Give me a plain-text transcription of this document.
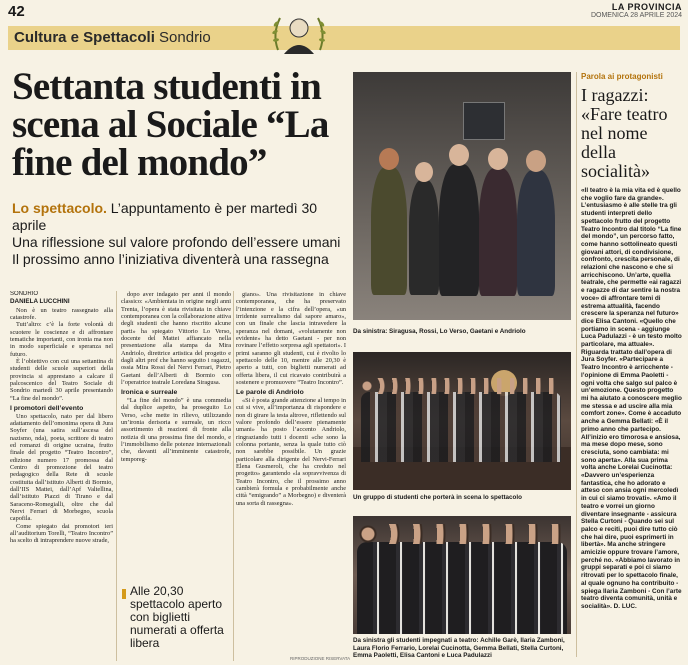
42	LA PROVINCIA
DOMENICA 28 APRILE 2024
Cultura e Spettacoli Sondrio
Settanta studenti in scena al Sociale “La fine del mondo”
Lo spettacolo. L’appuntamento è per martedì 30 aprile
Una riflessione sul valore profondo dell’essere umani
Il prossimo anno l’iniziativa diventerà una rassegna

SONDRIO
DANIELA LUCCHINI

Non è un teatro rassegnato alla catastrofe.

Tutt’altro: c’è la forte volontà di scuotere le coscienze e di affrontare tematiche importanti, con ironia ma non in modo superficiale e speranza nel futuro.

È l’obiettivo con cui una settantina di studenti delle scuole superiori della provincia si apprestano a calcare il palcoscenico del Teatro Sociale di Sondrio martedì 30 aprile presentando “La fine del mondo”.

I promotori dell’evento

Uno spettacolo, nato per dal libero adattamento dell’omonima opera di Jura Soyfer (una satira sull’ascesa del nazismo, nda), poeta, scrittore di teatro ed romanzi di origine ucraina, frutto finale del progetto “Teatro Incontro”, edizione numero 17 promossa dal Centro di promozione del teatro pedagogico della Rete di scuole costituita dall’istituto Alberti di Bormio, dall’IIS Mattei, dall’Apf Valtellina, dall’istituto Piazzi di Tirano e dal Saraceno-Romegialli, oltre che dal Nervi Ferrari di Morbegno, scuola capofila.

Come spiegato dai promotori ieri all’auditorium Torelli, “Teatro Incontro” ha scelto di intraprendere nuove strade,

dopo aver indagato per anni il mondo classico: «Ambientata in origine negli anni Trenta, l’opera è stata rivisitata in chiave contemporanea con la collaborazione attiva degli studenti che hanno riscritto alcune parti» ha spiegato Vittorio Lo Verso, docente del Mattei affiancato nella presentazione alla stampa da Mira Andriolo, direttrice artistica del progetto e dagli altri prof che hanno seguito i ragazzi, ossia Mira Rossi del Nervi Ferrari, Pietro Gaetani dell’Alberti di Bormio con l’operatrice teatrale Loredana Siragusa.

Ironica e surreale

“La fine del mondo” è una commedia dal duplice aspetto, ha proseguito Lo Verso, «che mette in rilievo, utilizzando un’ironia derisoria e surreale, un ricco assortimento di reazioni di fronte alla notizia di una prossima fine del mondo, e l’immobilismo delle potenze internazionali che, davanti all’imminente catastrofe, temporeg-

Alle 20,30 spettacolo aperto con biglietti numerati a offerta libera

giano». Una rivisitazione in chiave contemporanea, che ha preservato l’intenzione e la cifra dell’opera, «un irridente surrealismo dal sapore amaro», con un finale che lascia intravedere la speranza nel domani, «volutamente non evidente» ha detto Gaetani - per non rovinare l’effetto sorpresa agli spettatori». I primi saranno gli studenti, cui è rivolto lo spettacolo delle 10, mentre alle 20,30 è aperto a tutti, con biglietti numerati ad offerta libera, il cui ricavato contribuirà a sostenere e promuovere “Teatro Incontro”.

Le parole di Andriolo

«Si è posta grande attenzione al tempo in cui si vive, all’importanza di rispondere e non di girare la testa altrove, riflettendo sul valore profondo dell’essere pienamente umani» ha posto l’accento Andriolo, ringraziando tutti i docenti «che sono la colonna portante, senza la quale tutto ciò non sarebbe possibile. Un grazie particolare alla dirigente del Nervi-Ferrari Elena Gusmeroli, che ha creduto nel progetto» garantendo «la sopravvivenza di Teatro Incontro, che il prossimo anno cambierà formula e probabilmente anche città “emigrando” a Morbegno) e diventerà una sorta di rassegna».

Da sinistra: Siragusa, Rossi, Lo Verso, Gaetani e Andriolo
Un gruppo di studenti che porterà in scena lo spettacolo
Da sinistra gli studenti impegnati a teatro: Achille Garè, Ilaria Zamboni, Laura Florio Ferrario, Lorelai Cucinotta, Gemma Bellati, Stella Curtoni, Emma Paoletti, Elisa Cantoni e Luca Padulazzi
Parola ai protagonisti
I ragazzi: «Fare teatro nel nome della socialità»
«Il teatro è la mia vita ed è quello che voglio fare da grande». L’entusiasmo è alle stelle tra gli studenti interpreti dello spettacolo frutto del progetto Teatro Incontro dal titolo “La fine del mondo”, un percorso fatto, come hanno sottolineato questi giovani attori, di condivisione, confronto, crescita personale, di relazioni che nascono e che si arricchiscono. Un’arte, quella teatrale, che permette «ai ragazzi e ragazze di dar sentire la nostra voce» di affrontare temi di estrema attualità, facendo crescere la speranza nel futuro» dice Elisa Cantoni. «Quello che portiamo in scena - aggiunge Luca Padulazzi - è un testo molto particolare, ma attuale». Riguarda trattato dall’opera di Jura Soyfer. «Partecipare a Teatro Incontro è arricchente - l’opinione di Emma Paoletti - ogni volta che salgo sul palco è un’emozione. Questo progetto mi ha aiutato a conoscere meglio me stessa e ad uscire alla mia comfort zone». Come è accaduto anche a Gemma Bellati: «È il primo anno che partecipo. All’inizio ero timorosa e ansiosa, ma mese dopo mese, sono cresciuta, sono cambiata: mi sono aperta». Alla sua prima volta anche Lorelai Cucinotta: «Davvero un’esperienza fantastica, che ho adorato e atteso con ansia ogni mercoledì in cui ci siamo trovati». «Amo il teatro e vorrei un giorno diventare insegnante - assicura Stella Curtoni - Quando sei sul palco e reciti, puoi dire tutto ciò che hai dire, puoi esprimerti in libertà». Ma anche stringere amicizie oppure trovare l’amore, perché no. «Abbiamo lavorato in gruppi separati e poi ci siamo ritrovati per lo spettacolo finale, al quale ognuno ha contribuito - spiega Ilaria Zamboni - Con l’arte teatro diventa comunità, unità e socialità». D. LUC.
RIPRODUZIONE RISERVATA
